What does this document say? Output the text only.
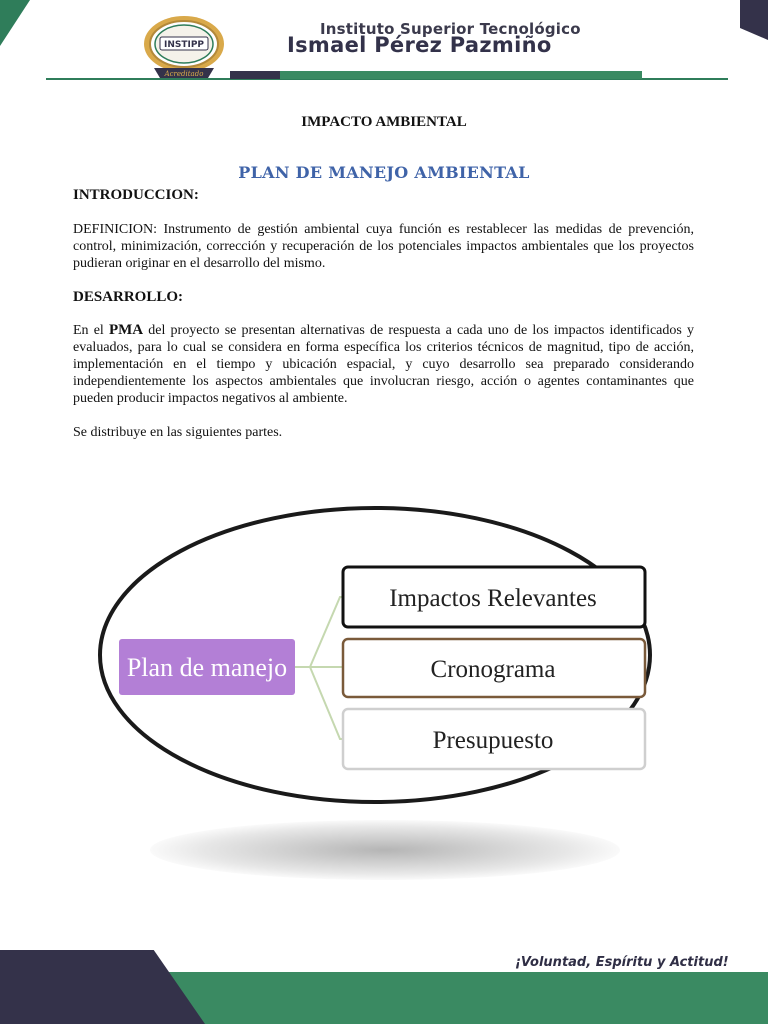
INSTIPP
Acreditado
Instituto Superior Tecnológico
Ismael Pérez Pazmiño
IMPACTO AMBIENTAL
PLAN DE MANEJO AMBIENTAL
INTRODUCCION:
DEFINICION: Instrumento de gestión ambiental cuya función es restablecer las medidas de prevención, control, minimización, corrección y recuperación de los potenciales impactos ambientales que los proyectos pudieran originar en el desarrollo del mismo.
DESARROLLO:
En el PMA del proyecto se presentan alternativas de respuesta a cada uno de los impactos identificados y evaluados, para lo cual se considera en forma específica los criterios técnicos de magnitud, tipo de acción, implementación en el tiempo y ubicación espacial, y cuyo desarrollo sea preparado considerando independientemente los aspectos ambientales que involucran riesgo, acción o agentes contaminantes que pueden producir impactos negativos al ambiente.
Se distribuye en las siguientes partes.
Plan de manejo
Impactos Relevantes
Cronograma
Presupuesto
¡Voluntad, Espíritu y Actitud!
